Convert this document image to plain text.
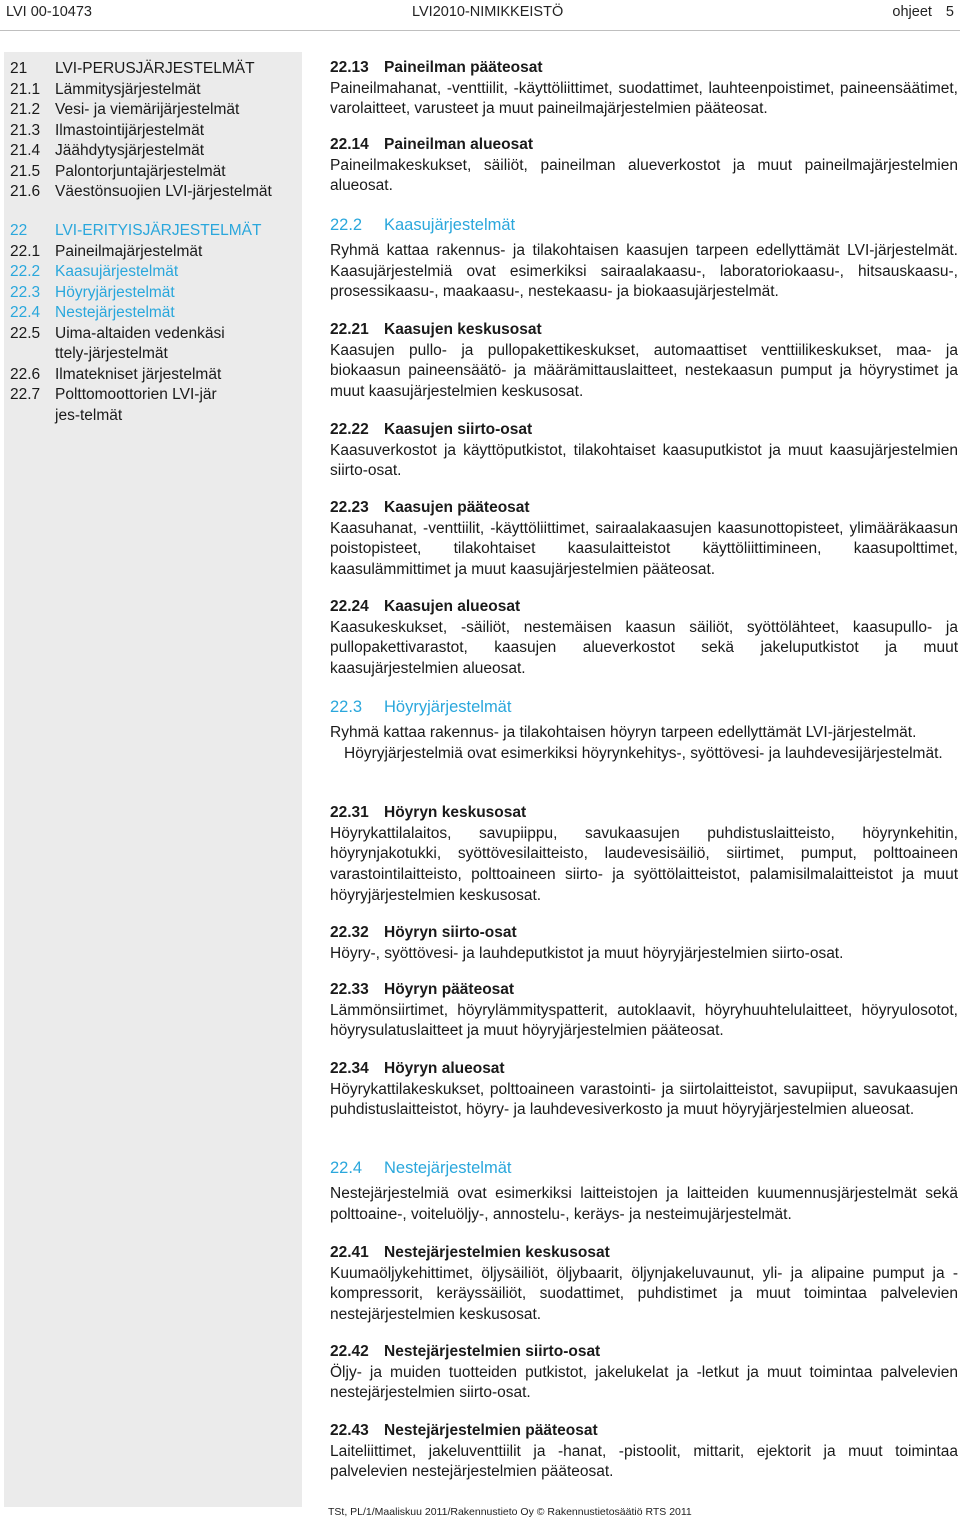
LVI 00-10473	LVI2010-NIMIKKEISTÖ	ohjeet 5
21	LVI-PERUSJÄRJESTELMÄT
21.1 Lämmitysjärjestelmät
21.2 Vesi- ja viemärijärjestelmät
21.3 Ilmastointijärjestelmät
21.4 Jäähdytysjärjestelmät
21.5 Palontorjuntajärjestelmät
21.6 Väestönsuojien LVI-järjestelmät
22	LVI-ERITYISJÄRJESTELMÄT
22.1 Paineilmajärjestelmät
22.2 Kaasujärjestelmät
22.3 Höyryjärjestelmät
22.4 Nestejärjestelmät
22.5 Uima-altaiden vedenkäsittely-järjestelmät
22.6 Ilmatekniset järjestelmät
22.7 Polttomoottorien LVI-järjes-telmät
22.13 Paineilman pääteosat

Paineilmahanat, -venttiilit, -käyttöliittimet, suodattimet, lauhteenpoistimet, paineensäätimet, varolaitteet, varusteet ja muut paineilmajärjestelmien pääteosat.

22.14 Paineilman alueosat

Paineilmakeskukset, säiliöt, paineilman alueverkostot ja muut paineilmajärjestelmien alueosat.

22.2 Kaasujärjestelmät

Ryhmä kattaa rakennus- ja tilakohtaisen kaasujen tarpeen edellyttämät LVI-järjestelmät. Kaasujärjestelmiä ovat esimerkiksi sairaalakaasu-, laboratoriokaasu-, hitsauskaasu-, prosessikaasu-, maakaasu-, nestekaasu- ja biokaasujärjestelmät.

22.21 Kaasujen keskusosat

Kaasujen pullo- ja pullopakettikeskukset, automaattiset venttiilikeskukset, maa- ja biokaasun paineensäätö- ja määrämittauslaitteet, nestekaasun pumput ja höyrystimet ja muut kaasujärjestelmien keskusosat.

22.22 Kaasujen siirto-osat

Kaasuverkostot ja käyttöputkistot, tilakohtaiset kaasuputkistot ja muut kaasujärjestelmien siirto-osat.

22.23 Kaasujen pääteosat

Kaasuhanat, -venttiilit, -käyttöliittimet, sairaalakaasujen kaasunottopisteet, ylimääräkaasun poistopisteet, tilakohtaiset kaasulaitteistot käyttöliittimineen, kaasupolttimet, kaasulämmittimet ja muut kaasujärjestelmien pääteosat.

22.24 Kaasujen alueosat

Kaasukeskukset, -säiliöt, nestemäisen kaasun säiliöt, syöttölähteet, kaasupullo- ja pullopakettivarastot, kaasujen alueverkostot sekä jakeluputkistot ja muut kaasujärjestelmien alueosat.

22.3 Höyryjärjestelmät

Ryhmä kattaa rakennus- ja tilakohtaisen höyryn tarpeen edellyttämät LVI-järjestelmät.

Höyryjärjestelmiä ovat esimerkiksi höyrynkehitys-, syöttövesi- ja lauhdevesijärjestelmät.

22.31 Höyryn keskusosat

Höyrykattilalaitos, savupiippu, savukaasujen puhdistuslaitteisto, höyrynkehitin, höyrynjakotukki, syöttövesilaitteisto, laudevesisäiliö, siirtimet, pumput, polttoaineen varastointilaitteisto, polttoaineen siirto- ja syöttölaitteistot, palamisilmalaitteistot ja muut höyryjärjestelmien keskusosat.

22.32 Höyryn siirto-osat

Höyry-, syöttövesi- ja lauhdeputkistot ja muut höyryjärjestelmien siirto-osat.

22.33 Höyryn pääteosat

Lämmönsiirtimet, höyrylämmityspatterit, autoklaavit, höyryhuuhtelulaitteet, höyryulosotot, höyrysulatuslaitteet ja muut höyryjärjestelmien pääteosat.

22.34 Höyryn alueosat

Höyrykattilakeskukset, polttoaineen varastointi- ja siirtolaitteistot, savupiiput, savukaasujen puhdistuslaitteistot, höyry- ja lauhdevesiverkosto ja muut höyryjärjestelmien alueosat.

22.4 Nestejärjestelmät

Nestejärjestelmiä ovat esimerkiksi laitteistojen ja laitteiden kuumennusjärjestelmät sekä polttoaine-, voiteluöljy-, annostelu-, keräys- ja nesteimujärjestelmät.

22.41 Nestejärjestelmien keskusosat

Kuumaöljykehittimet, öljysäiliöt, öljybaarit, öljynjakeluvaunut, yli- ja alipaine pumput ja -kompressorit, keräyssäiliöt, suodattimet, puhdistimet ja muut toimintaa palvelevien nestejärjestelmien keskusosat.

22.42 Nestejärjestelmien siirto-osat

Öljy- ja muiden tuotteiden putkistot, jakelukelat ja -letkut ja muut toimintaa palvelevien nestejärjestelmien siirto-osat.

22.43 Nestejärjestelmien pääteosat

Laiteliittimet, jakeluventtiilit ja -hanat, -pistoolit, mittarit, ejektorit ja muut toimintaa palvelevien nestejärjestelmien pääteosat.

TSt, PL/1/Maaliskuu 2011/Rakennustieto Oy © Rakennustietosäätiö RTS 2011
